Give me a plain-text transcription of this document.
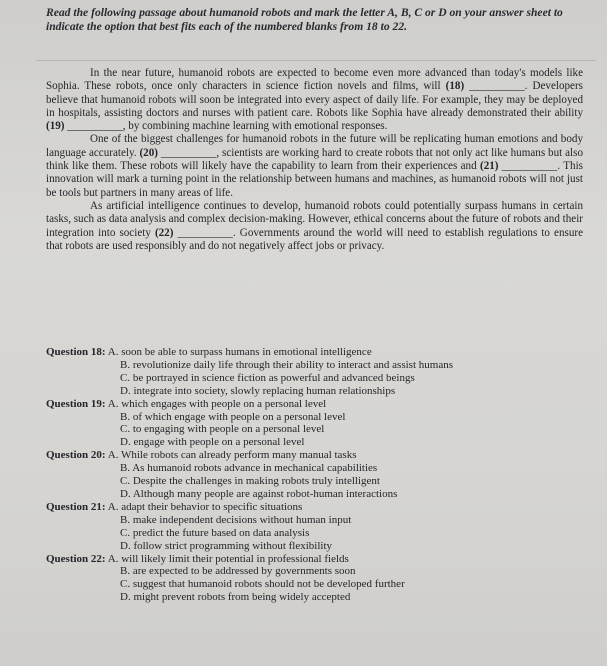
Read the following passage about humanoid robots and mark the letter A, B, C or D on your answer sheet to indicate the option that best fits each of the numbered blanks from 18 to 22.

In the near future, humanoid robots are expected to become even more advanced than today's models like Sophia. These robots, once only characters in science fiction novels and films, will (18) __________. Developers believe that humanoid robots will soon be integrated into every aspect of daily life. For example, they may be deployed in hospitals, assisting doctors and nurses with patient care. Robots like Sophia have already demonstrated their ability (19) __________, by combining machine learning with emotional responses.

One of the biggest challenges for humanoid robots in the future will be replicating human emotions and body language accurately. (20) __________, scientists are working hard to create robots that not only act like humans but also think like them. These robots will likely have the capability to learn from their experiences and (21) __________. This innovation will mark a turning point in the relationship between humans and machines, as humanoid robots will not just be tools but partners in many areas of life.

As artificial intelligence continues to develop, humanoid robots could potentially surpass humans in certain tasks, such as data analysis and complex decision-making. However, ethical concerns about the future of robots and their integration into society (22) __________. Governments around the world will need to establish regulations to ensure that robots are used responsibly and do not negatively affect jobs or privacy.

Question 18: A. soon be able to surpass humans in emotional intelligence
B. revolutionize daily life through their ability to interact and assist humans
C. be portrayed in science fiction as powerful and advanced beings
D. integrate into society, slowly replacing human relationships
Question 19: A. which engages with people on a personal level
B. of which engage with people on a personal level
C. to engaging with people on a personal level
D. engage with people on a personal level
Question 20: A. While robots can already perform many manual tasks
B. As humanoid robots advance in mechanical capabilities
C. Despite the challenges in making robots truly intelligent
D. Although many people are against robot-human interactions
Question 21: A. adapt their behavior to specific situations
B. make independent decisions without human input
C. predict the future based on data analysis
D. follow strict programming without flexibility
Question 22: A. will likely limit their potential in professional fields
B. are expected to be addressed by governments soon
C. suggest that humanoid robots should not be developed further
D. might prevent robots from being widely accepted
